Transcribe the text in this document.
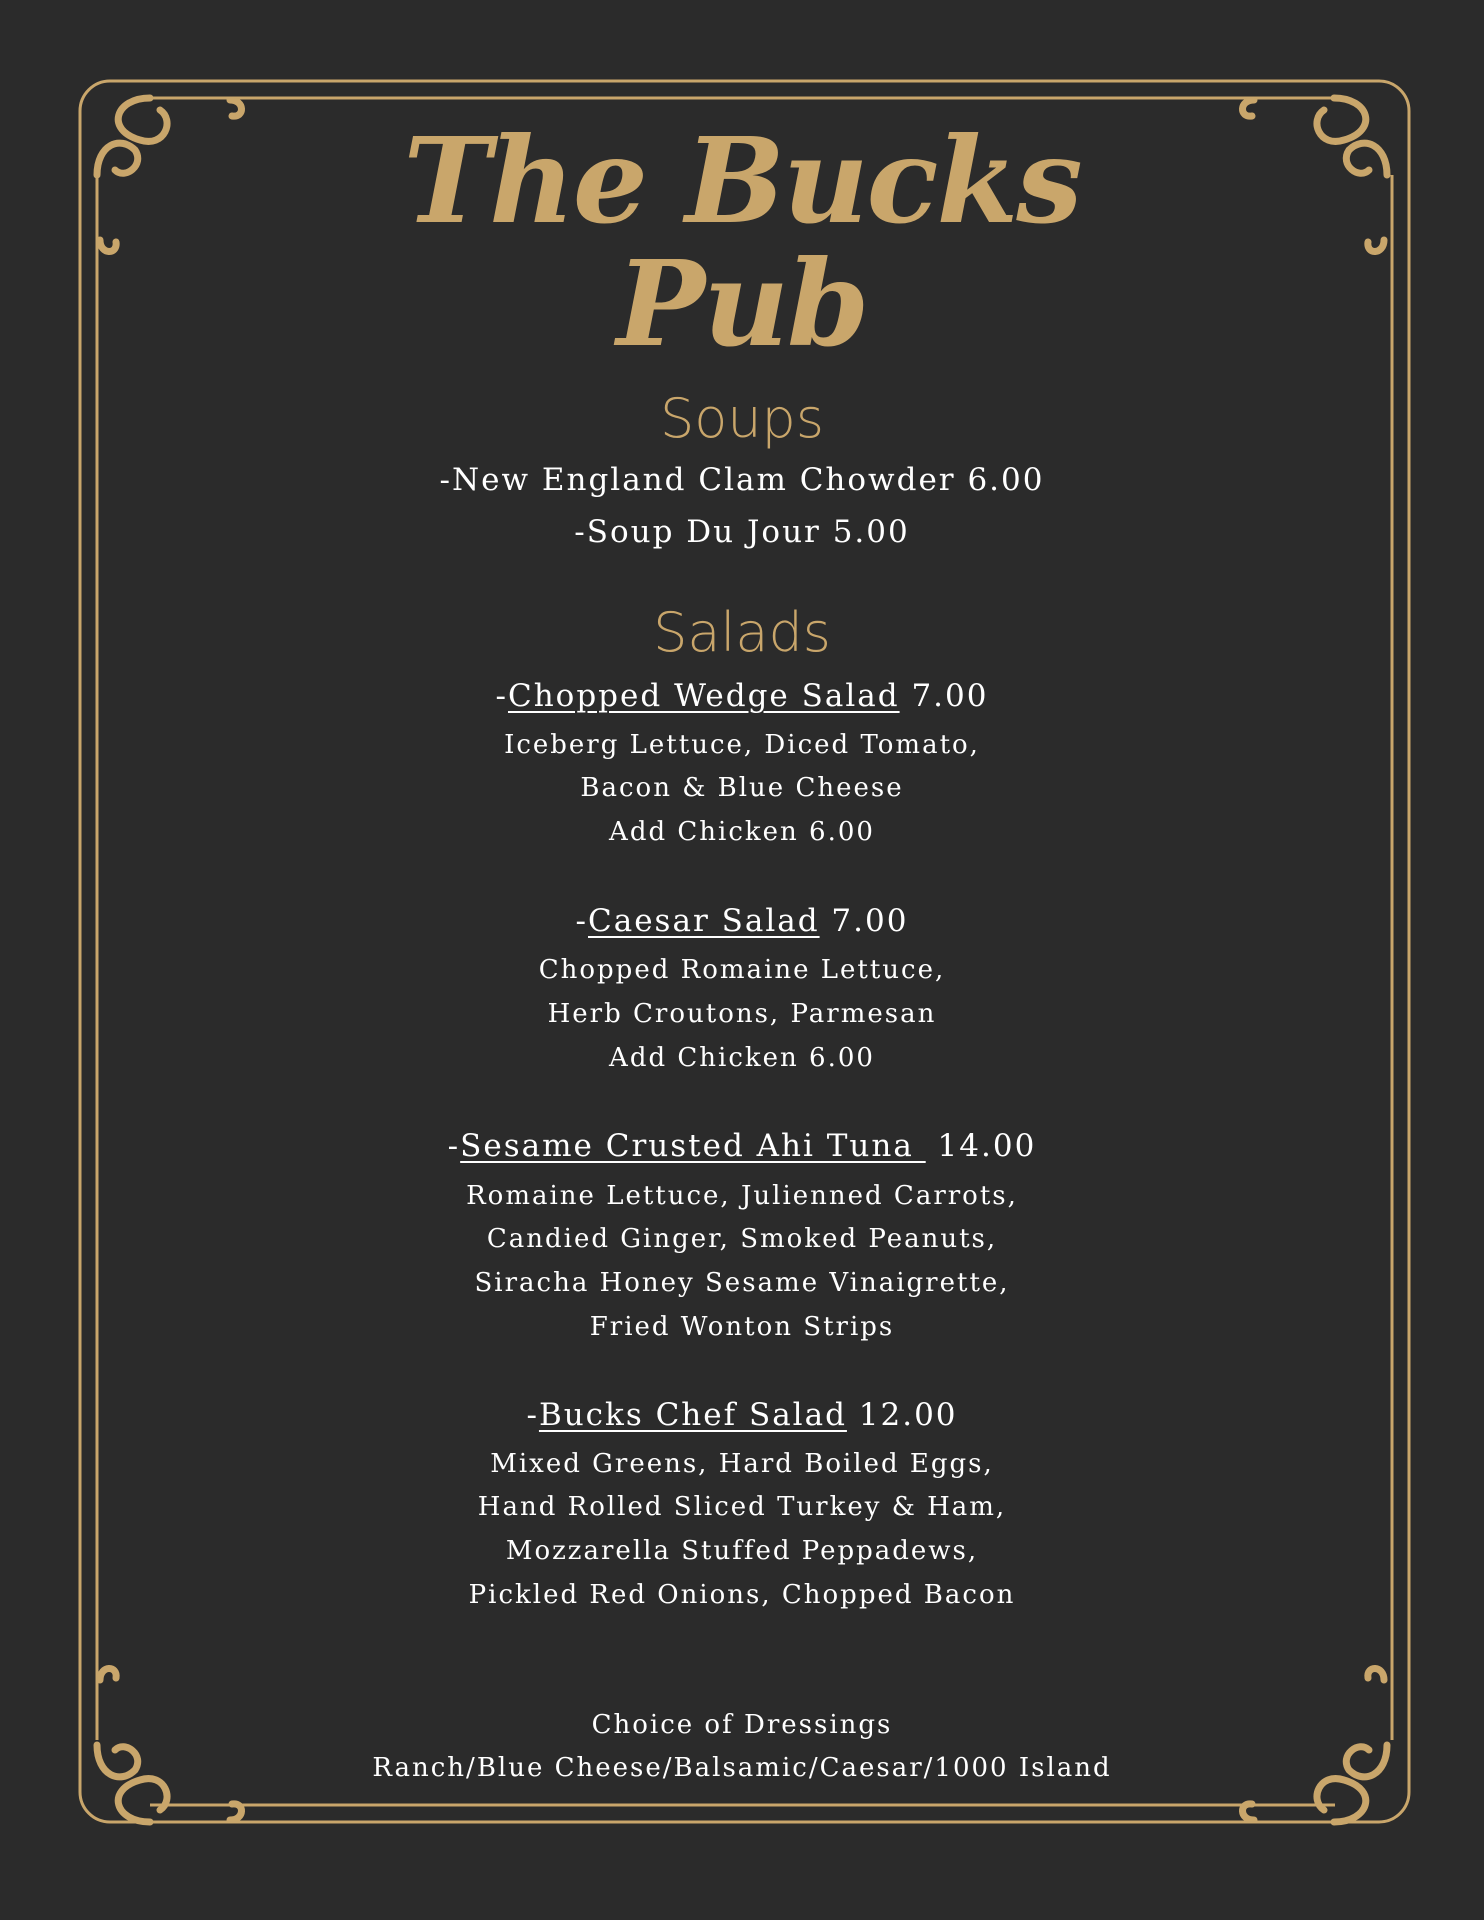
The Bucks
Pub
Soups
-New England Clam Chowder 6.00
-Soup Du Jour 5.00
Salads
-Chopped Wedge Salad 7.00
Iceberg Lettuce, Diced Tomato,
Bacon & Blue Cheese
Add Chicken 6.00
-Caesar Salad 7.00
Chopped Romaine Lettuce,
Herb Croutons, Parmesan
Add Chicken 6.00
-Sesame Crusted Ahi Tuna  14.00
Romaine Lettuce, Julienned Carrots,
Candied Ginger, Smoked Peanuts,
Siracha Honey Sesame Vinaigrette,
Fried Wonton Strips
-Bucks Chef Salad 12.00
Mixed Greens, Hard Boiled Eggs,
Hand Rolled Sliced Turkey & Ham,
Mozzarella Stuffed Peppadews,
Pickled Red Onions, Chopped Bacon
Choice of Dressings
Ranch/Blue Cheese/Balsamic/Caesar/1000 Island
